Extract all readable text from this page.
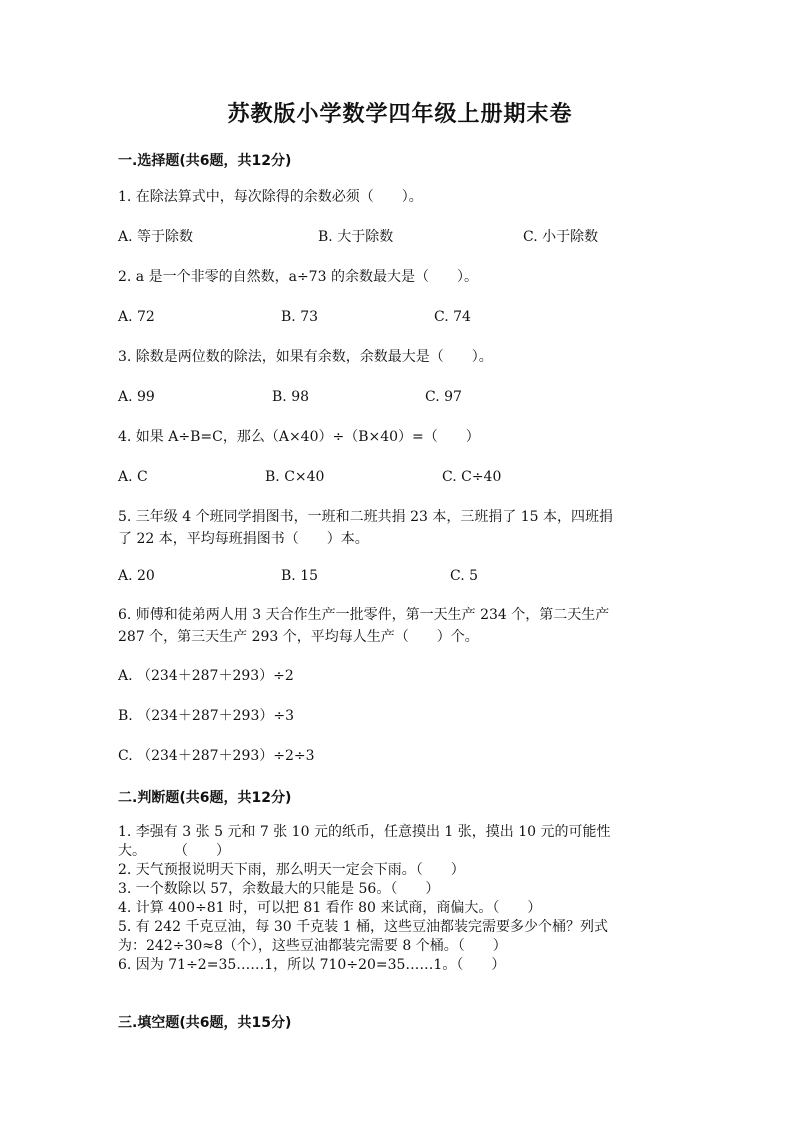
苏教版小学数学四年级上册期末卷
一.选择题(共6题，共12分)
1. 在除法算式中，每次除得的余数必须（　　）。
A. 等于除数	B. 大于除数	C. 小于除数
2. a 是一个非零的自然数，a÷73 的余数最大是（　　）。
A. 72	B. 73	C. 74
3. 除数是两位数的除法，如果有余数，余数最大是（　　）。
A. 99	B. 98	C. 97
4. 如果 A÷B=C，那么（A×40）÷（B×40）=（　　）
A. C	B. C×40	C. C÷40
5. 三年级 4 个班同学捐图书，一班和二班共捐 23 本，三班捐了 15 本，四班捐
了 22 本，平均每班捐图书（　　）本。
A. 20	B. 15	C. 5
6. 师傅和徒弟两人用 3 天合作生产一批零件，第一天生产 234 个，第二天生产
287 个，第三天生产 293 个，平均每人生产（　　）个。
A. （234＋287＋293）÷2
B. （234＋287＋293）÷3
C. （234＋287＋293）÷2÷3
二.判断题(共6题，共12分)
1. 李强有 3 张 5 元和 7 张 10 元的纸币，任意摸出 1 张，摸出 10 元的可能性
大。　　　（　　）
2. 天气预报说明天下雨，那么明天一定会下雨。（　　）
3. 一个数除以 57，余数最大的只能是 56。（　　）
4. 计算 400÷81 时，可以把 81 看作 80 来试商，商偏大。（　　）
5. 有 242 千克豆油，每 30 千克装 1 桶，这些豆油都装完需要多少个桶？列式
为：242÷30≈8（个），这些豆油都装完需要 8 个桶。（　　）
6. 因为 71÷2=35……1，所以 710÷20=35……1。（　　）
三.填空题(共6题，共15分)
